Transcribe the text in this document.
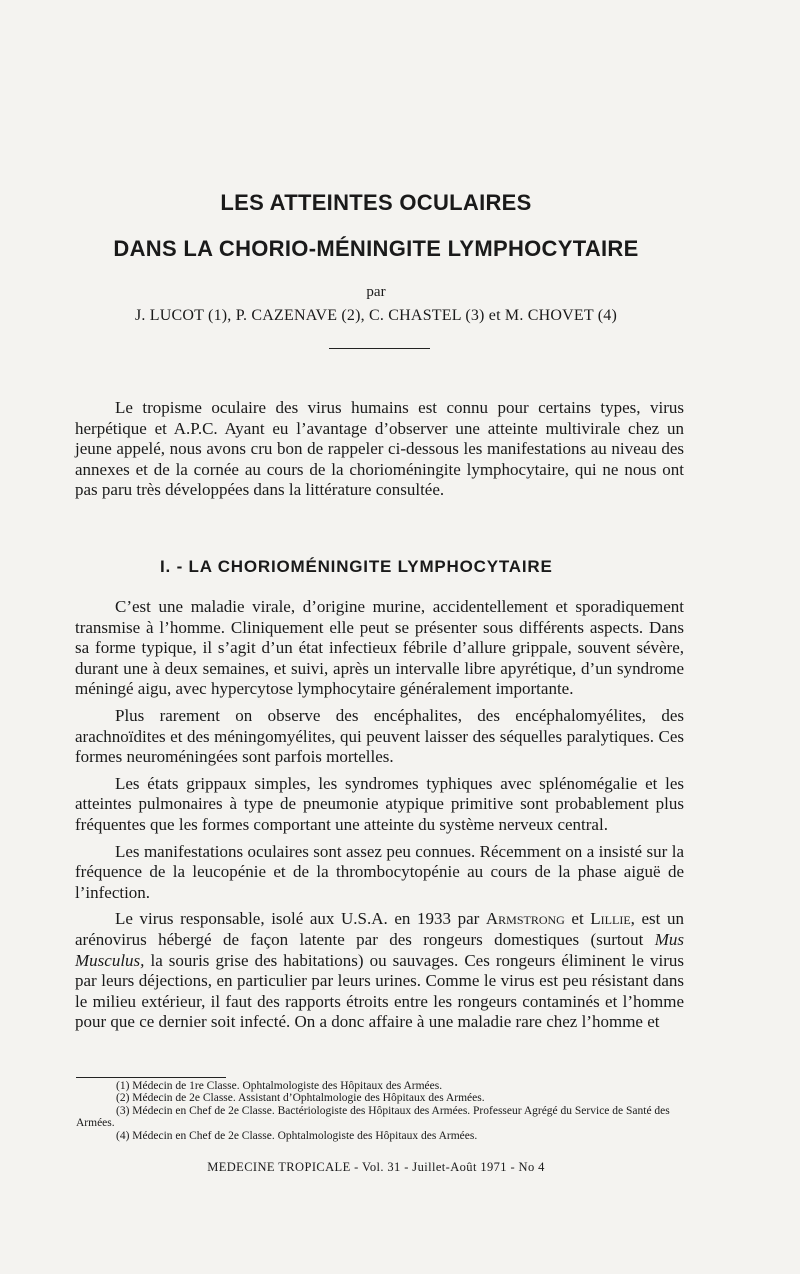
LES ATTEINTES OCULAIRES
DANS LA CHORIO-MÉNINGITE LYMPHOCYTAIRE

par

J. LUCOT (1), P. CAZENAVE (2), C. CHASTEL (3) et M. CHOVET (4)

Le tropisme oculaire des virus humains est connu pour certains types, virus herpétique et A.P.C. Ayant eu l’avantage d’observer une atteinte multivirale chez un jeune appelé, nous avons cru bon de rappeler ci-dessous les manifestations au niveau des annexes et de la cornée au cours de la chorioméningite lymphocytaire, qui ne nous ont pas paru très développées dans la littérature consultée.

I. - LA CHORIOMÉNINGITE LYMPHOCYTAIRE

C’est une maladie virale, d’origine murine, accidentellement et sporadiquement transmise à l’homme. Cliniquement elle peut se présenter sous différents aspects. Dans sa forme typique, il s’agit d’un état infectieux fébrile d’allure grippale, souvent sévère, durant une à deux semaines, et suivi, après un intervalle libre apyrétique, d’un syndrome méningé aigu, avec hypercytose lymphocytaire généralement importante.

Plus rarement on observe des encéphalites, des encéphalomyélites, des arachnoïdites et des méningomyélites, qui peuvent laisser des séquelles paralytiques. Ces formes neuroméningées sont parfois mortelles.

Les états grippaux simples, les syndromes typhiques avec splénomégalie et les atteintes pulmonaires à type de pneumonie atypique primitive sont probablement plus fréquentes que les formes comportant une atteinte du système nerveux central.

Les manifestations oculaires sont assez peu connues. Récemment on a insisté sur la fréquence de la leucopénie et de la thrombocytopénie au cours de la phase aiguë de l’infection.

Le virus responsable, isolé aux U.S.A. en 1933 par Armstrong et Lillie, est un arénovirus hébergé de façon latente par des rongeurs domestiques (surtout Mus Musculus, la souris grise des habitations) ou sauvages. Ces rongeurs éliminent le virus par leurs déjections, en particulier par leurs urines. Comme le virus est peu résistant dans le milieu extérieur, il faut des rapports étroits entre les rongeurs contaminés et l’homme pour que ce dernier soit infecté. On a donc affaire à une maladie rare chez l’homme et

(1) Médecin de 1re Classe. Ophtalmologiste des Hôpitaux des Armées.
(2) Médecin de 2e Classe. Assistant d’Ophtalmologie des Hôpitaux des Armées.
(3) Médecin en Chef de 2e Classe. Bactériologiste des Hôpitaux des Armées. Professeur Agrégé du Service de Santé des Armées.
(4) Médecin en Chef de 2e Classe. Ophtalmologiste des Hôpitaux des Armées.

MEDECINE TROPICALE - Vol. 31 - Juillet-Août 1971 - No 4
